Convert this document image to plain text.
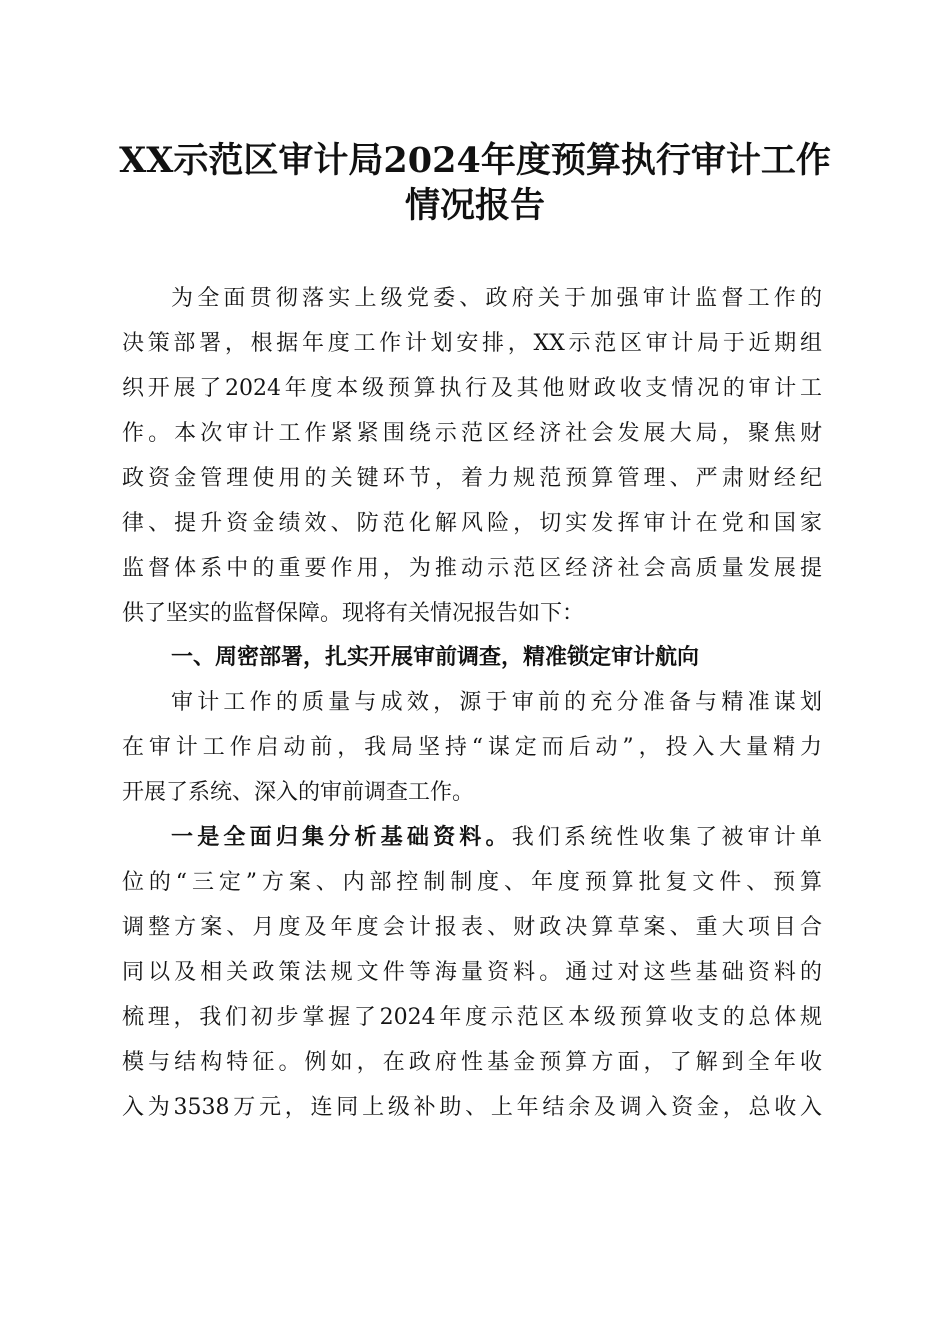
XX示范区审计局2024年度预算执行审计工作
情况报告
为全面贯彻落实上级党委、政府关于加强审计监督工作的
决策部署，根据年度工作计划安排，XX示范区审计局于近期组
织开展了2024年度本级预算执行及其他财政收支情况的审计工
作。本次审计工作紧紧围绕示范区经济社会发展大局，聚焦财
政资金管理使用的关键环节，着力规范预算管理、严肃财经纪
律、提升资金绩效、防范化解风险，切实发挥审计在党和国家
监督体系中的重要作用，为推动示范区经济社会高质量发展提
供了坚实的监督保障。现将有关情况报告如下：
一、周密部署，扎实开展审前调查，精准锁定审计航向
审计工作的质量与成效，源于审前的充分准备与精准谋划
在审计工作启动前，我局坚持“谋定而后动”，投入大量精力
开展了系统、深入的审前调查工作。
一是全面归集分析基础资料。我们系统性收集了被审计单
位的“三定”方案、内部控制制度、年度预算批复文件、预算
调整方案、月度及年度会计报表、财政决算草案、重大项目合
同以及相关政策法规文件等海量资料。通过对这些基础资料的
梳理，我们初步掌握了2024年度示范区本级预算收支的总体规
模与结构特征。例如，在政府性基金预算方面，了解到全年收
入为3538万元，连同上级补助、上年结余及调入资金，总收入
